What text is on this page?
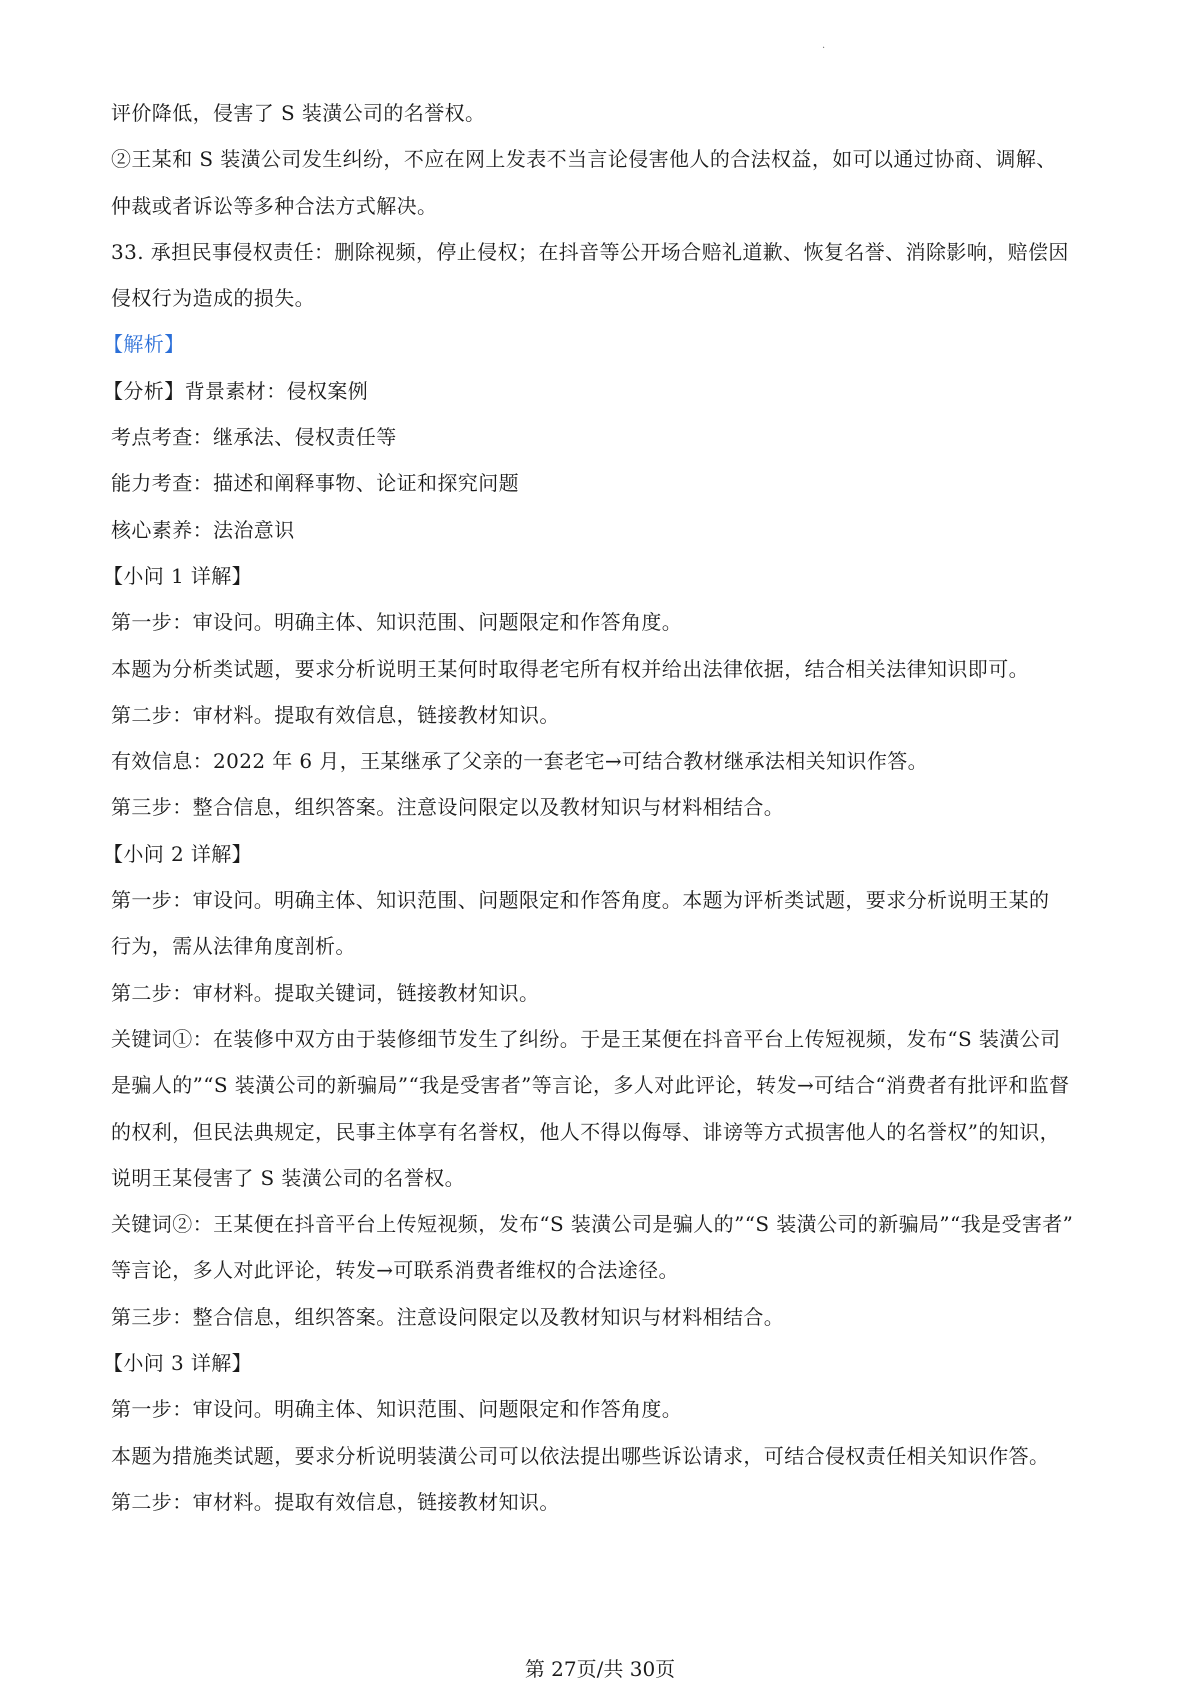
·
评价降低，侵害了 S 装潢公司的名誉权。
②王某和 S 装潢公司发生纠纷，不应在网上发表不当言论侵害他人的合法权益，如可以通过协商、调解、
仲裁或者诉讼等多种合法方式解决。
33. 承担民事侵权责任：删除视频，停止侵权；在抖音等公开场合赔礼道歉、恢复名誉、消除影响，赔偿因
侵权行为造成的损失。
【解析】
【分析】背景素材：侵权案例
考点考查：继承法、侵权责任等
能力考查：描述和阐释事物、论证和探究问题
核心素养：法治意识
【小问 1 详解】
第一步：审设问。明确主体、知识范围、问题限定和作答角度。
本题为分析类试题，要求分析说明王某何时取得老宅所有权并给出法律依据，结合相关法律知识即可。
第二步：审材料。提取有效信息，链接教材知识。
有效信息：2022 年 6 月，王某继承了父亲的一套老宅→可结合教材继承法相关知识作答。
第三步：整合信息，组织答案。注意设问限定以及教材知识与材料相结合。
【小问 2 详解】
第一步：审设问。明确主体、知识范围、问题限定和作答角度。本题为评析类试题，要求分析说明王某的
行为，需从法律角度剖析。
第二步：审材料。提取关键词，链接教材知识。
关键词①：在装修中双方由于装修细节发生了纠纷。于是王某便在抖音平台上传短视频，发布“S 装潢公司
是骗人的”“S 装潢公司的新骗局”“我是受害者”等言论，多人对此评论，转发→可结合“消费者有批评和监督
的权利，但民法典规定，民事主体享有名誉权，他人不得以侮辱、诽谤等方式损害他人的名誉权”的知识，
说明王某侵害了 S 装潢公司的名誉权。
关键词②：王某便在抖音平台上传短视频，发布“S 装潢公司是骗人的”“S 装潢公司的新骗局”“我是受害者”
等言论，多人对此评论，转发→可联系消费者维权的合法途径。
第三步：整合信息，组织答案。注意设问限定以及教材知识与材料相结合。
【小问 3 详解】
第一步：审设问。明确主体、知识范围、问题限定和作答角度。
本题为措施类试题，要求分析说明装潢公司可以依法提出哪些诉讼请求，可结合侵权责任相关知识作答。
第二步：审材料。提取有效信息，链接教材知识。
第 27页/共 30页
